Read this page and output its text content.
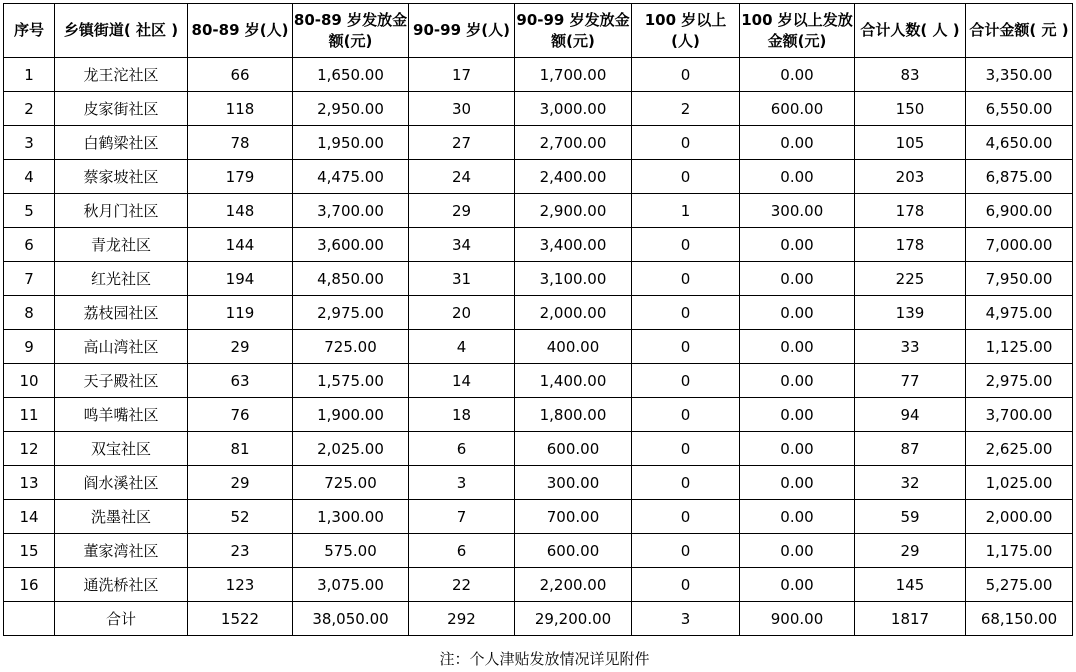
序号	乡镇街道( 社区 )	80-89 岁(人)	80-89 岁发放金额(元)	90-99 岁(人)	90-99 岁发放金额(元)	100 岁以上 (人)	100 岁以上发放金额(元)	合计人数( 人 )	合计金额( 元 )
1	龙王沱社区	66	1,650.00	17	1,700.00	0	0.00	83	3,350.00
2	皮家街社区	118	2,950.00	30	3,000.00	2	600.00	150	6,550.00
3	白鹤梁社区	78	1,950.00	27	2,700.00	0	0.00	105	4,650.00
4	蔡家坡社区	179	4,475.00	24	2,400.00	0	0.00	203	6,875.00
5	秋月门社区	148	3,700.00	29	2,900.00	1	300.00	178	6,900.00
6	青龙社区	144	3,600.00	34	3,400.00	0	0.00	178	7,000.00
7	红光社区	194	4,850.00	31	3,100.00	0	0.00	225	7,950.00
8	荔枝园社区	119	2,975.00	20	2,000.00	0	0.00	139	4,975.00
9	高山湾社区	29	725.00	4	400.00	0	0.00	33	1,125.00
10	天子殿社区	63	1,575.00	14	1,400.00	0	0.00	77	2,975.00
11	鸣羊嘴社区	76	1,900.00	18	1,800.00	0	0.00	94	3,700.00
12	双宝社区	81	2,025.00	6	600.00	0	0.00	87	2,625.00
13	阎水溪社区	29	725.00	3	300.00	0	0.00	32	1,025.00
14	洗墨社区	52	1,300.00	7	700.00	0	0.00	59	2,000.00
15	董家湾社区	23	575.00	6	600.00	0	0.00	29	1,175.00
16	通洗桥社区	123	3,075.00	22	2,200.00	0	0.00	145	5,275.00
	合计	1522	38,050.00	292	29,200.00	3	900.00	1817	68,150.00
注：个人津贴发放情况详见附件
